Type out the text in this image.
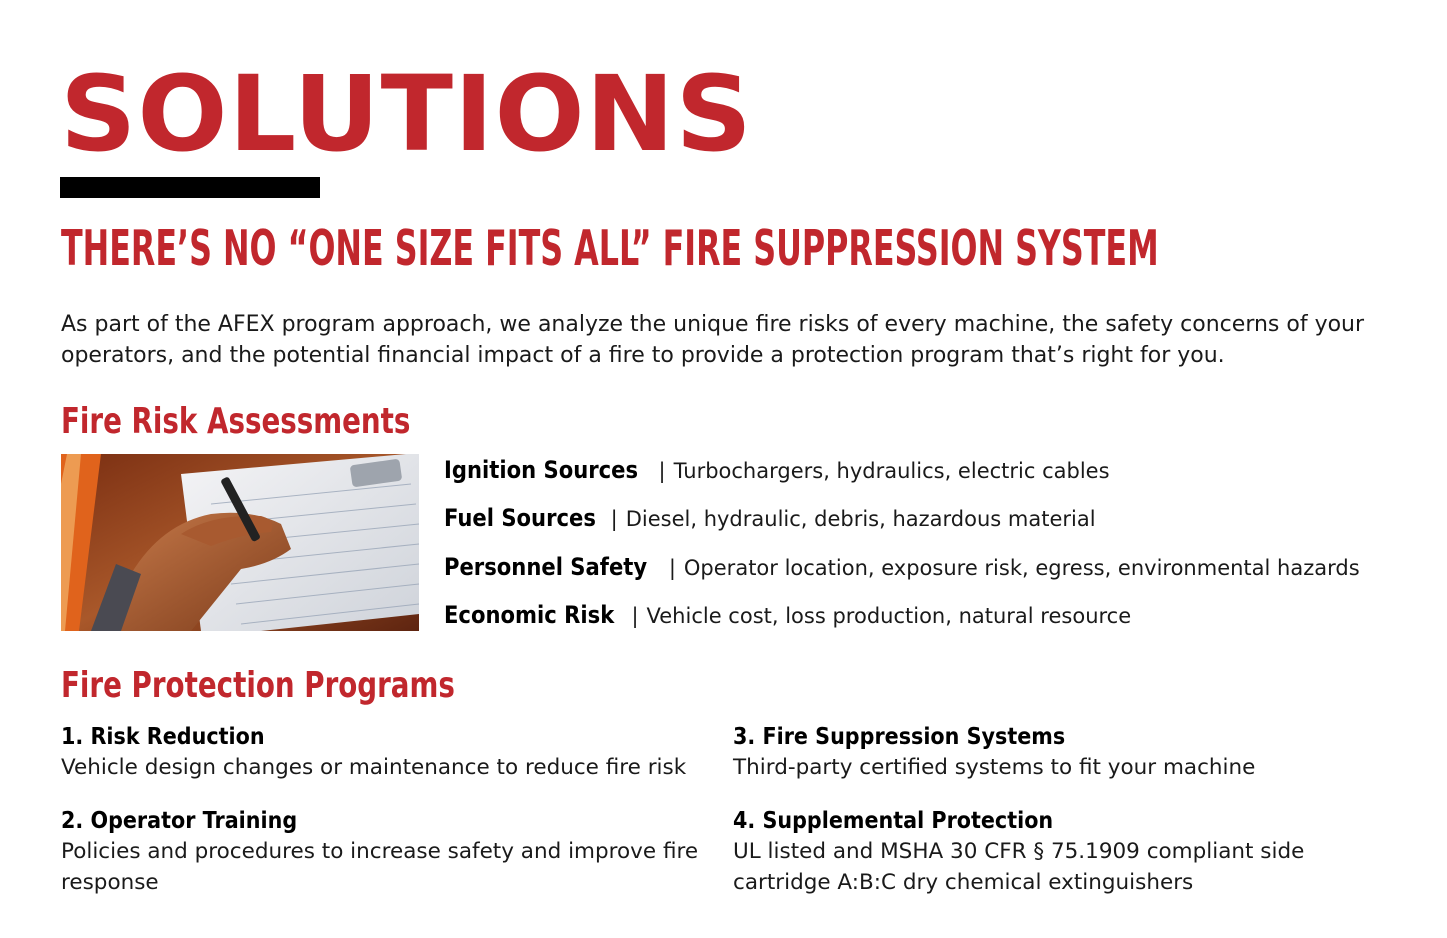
SOLUTIONS
THERE’S NO “ONE SIZE FITS ALL” FIRE SUPPRESSION SYSTEM

As part of the AFEX program approach, we analyze the unique fire risks of every machine, the safety concerns of your operators, and the potential financial impact of a fire to provide a protection program that’s right for you.

Fire Risk Assessments
Ignition Sources | Turbochargers, hydraulics, electric cables
Fuel Sources | Diesel, hydraulic, debris, hazardous material
Personnel Safety | Operator location, exposure risk, egress, environmental hazards
Economic Risk | Vehicle cost, loss production, natural resource
Fire Protection Programs
1. Risk Reduction

Vehicle design changes or maintenance to reduce fire risk

2. Operator Training

Policies and procedures to increase safety and improve fire response

3. Fire Suppression Systems

Third-party certified systems to fit your machine

4. Supplemental Protection

UL listed and MSHA 30 CFR § 75.1909 compliant side cartridge A:B:C dry chemical extinguishers
